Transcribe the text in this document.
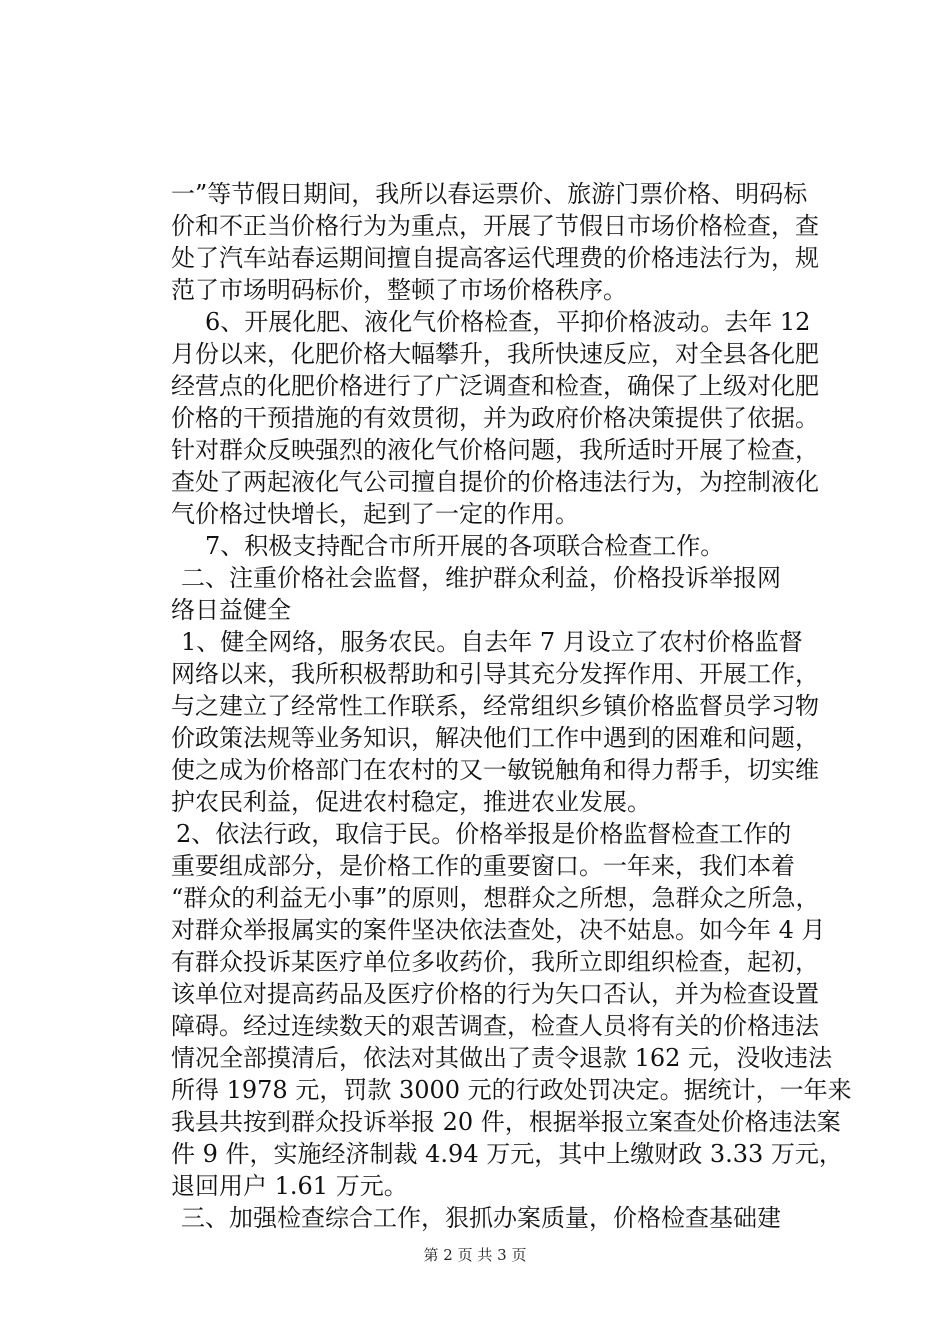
一”等节假日期间，我所以春运票价、旅游门票价格、明码标
价和不正当价格行为为重点，开展了节假日市场价格检查，查
处了汽车站春运期间擅自提高客运代理费的价格违法行为，规
范了市场明码标价，整顿了市场价格秩序。
6、开展化肥、液化气价格检查，平抑价格波动。去年 12
月份以来，化肥价格大幅攀升，我所快速反应，对全县各化肥
经营点的化肥价格进行了广泛调查和检查，确保了上级对化肥
价格的干预措施的有效贯彻，并为政府价格决策提供了依据。
针对群众反映强烈的液化气价格问题，我所适时开展了检查，
查处了两起液化气公司擅自提价的价格违法行为，为控制液化
气价格过快增长，起到了一定的作用。
7、积极支持配合市所开展的各项联合检查工作。
二、注重价格社会监督，维护群众利益，价格投诉举报网
络日益健全
1、健全网络，服务农民。自去年 7 月设立了农村价格监督
网络以来，我所积极帮助和引导其充分发挥作用、开展工作，
与之建立了经常性工作联系，经常组织乡镇价格监督员学习物
价政策法规等业务知识，解决他们工作中遇到的困难和问题，
使之成为价格部门在农村的又一敏锐触角和得力帮手，切实维
护农民利益，促进农村稳定，推进农业发展。
2、依法行政，取信于民。价格举报是价格监督检查工作的
重要组成部分，是价格工作的重要窗口。一年来，我们本着
“群众的利益无小事”的原则，想群众之所想，急群众之所急，
对群众举报属实的案件坚决依法查处，决不姑息。如今年 4 月
有群众投诉某医疗单位多收药价，我所立即组织检查，起初，
该单位对提高药品及医疗价格的行为矢口否认，并为检查设置
障碍。经过连续数天的艰苦调查，检查人员将有关的价格违法
情况全部摸清后，依法对其做出了责令退款 162 元，没收违法
所得 1978 元，罚款 3000 元的行政处罚决定。据统计，一年来
我县共按到群众投诉举报 20 件，根据举报立案查处价格违法案
件 9 件，实施经济制裁 4.94 万元，其中上缴财政 3.33 万元，
退回用户 1.61 万元。
三、加强检查综合工作，狠抓办案质量，价格检查基础建
第 2 页 共 3 页
